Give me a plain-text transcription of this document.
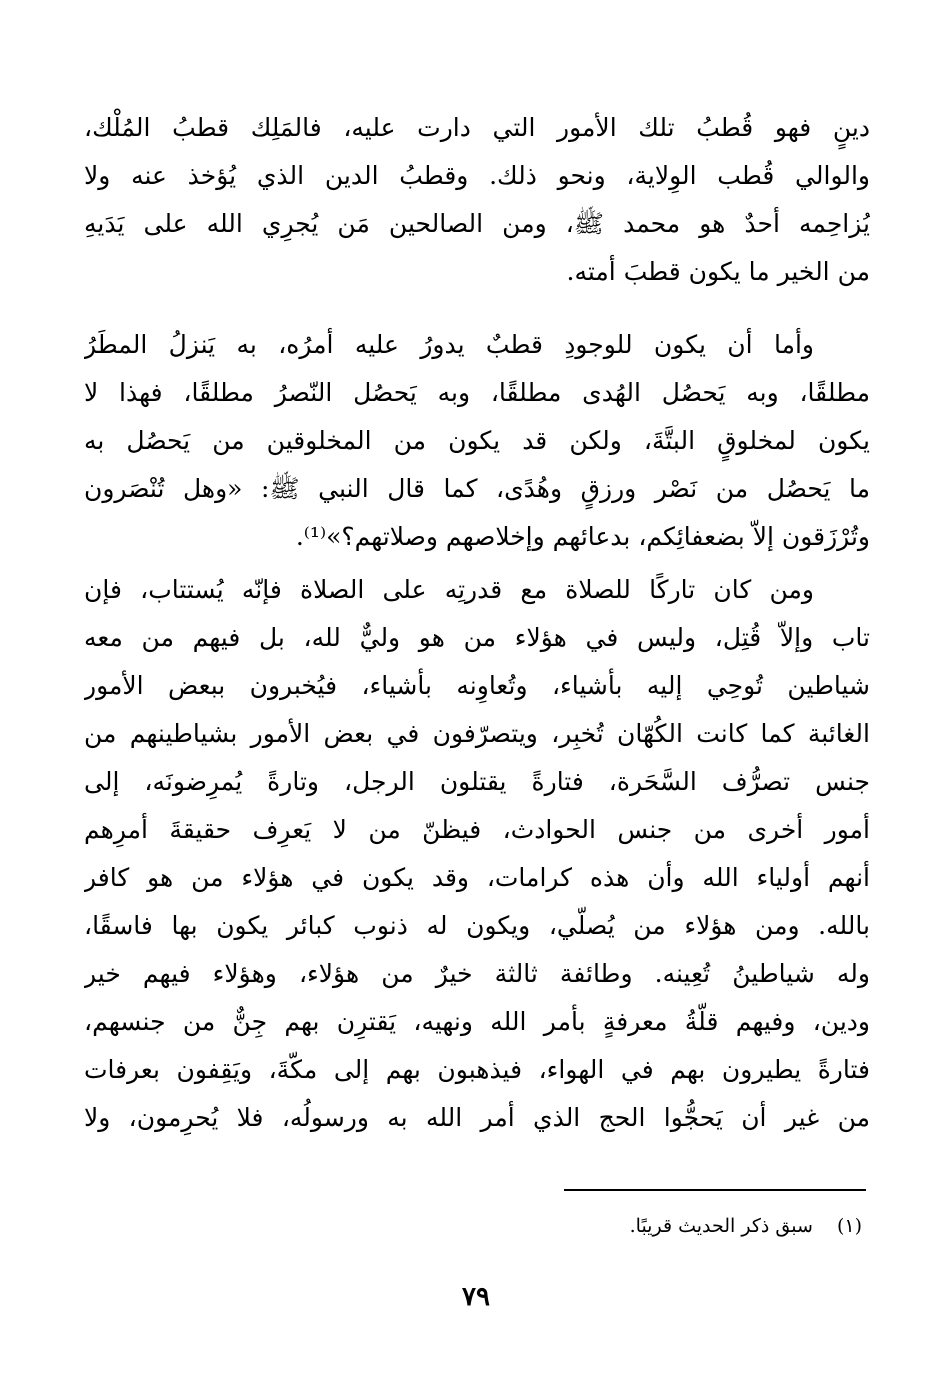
دينٍ فهو قُطبُ تلك الأمور التي دارت عليه، فالمَلِك قطبُ المُلْك،
والوالي قُطب الوِلاية، ونحو ذلك. وقطبُ الدين الذي يُؤخذ عنه ولا
يُزاحِمه أحدٌ هو محمد ﷺ، ومن الصالحين مَن يُجرِي الله على يَدَيهِ
من الخير ما يكون قطبَ أمته.
وأما أن يكون للوجودِ قطبٌ يدورُ عليه أمرُه، به يَنزلُ المطَرُ
مطلقًا، وبه يَحصُل الهُدى مطلقًا، وبه يَحصُل النّصرُ مطلقًا، فهذا لا
يكون لمخلوقٍ البتَّةَ، ولكن قد يكون من المخلوقين من يَحصُل به
ما يَحصُل من نَصْر ورزقٍ وهُدًى، كما قال النبي ﷺ: «وهل تُنْصَرون
وتُرْزَقون إلاّ بضعفائِكم، بدعائهم وإخلاصهم وصلاتهم؟»⁽¹⁾.
ومن كان تاركًا للصلاة مع قدرتِه على الصلاة فإنّه يُستتاب، فإن
تاب وإلاّ قُتِل، وليس في هؤلاء من هو وليٌّ لله، بل فيهم من معه
شياطين تُوحِي إليه بأشياء، وتُعاوِنه بأشياء، فيُخبرون ببعض الأمور
الغائبة كما كانت الكُهّان تُخبِر، ويتصرّفون في بعض الأمور بشياطينهم من
جنس تصرُّف السَّحَرة، فتارةً يقتلون الرجل، وتارةً يُمرِضونَه، إلى
أمور أخرى من جنس الحوادث، فيظنّ من لا يَعرِف حقيقةَ أمرِهم
أنهم أولياء الله وأن هذه كرامات، وقد يكون في هؤلاء من هو كافر
بالله. ومن هؤلاء من يُصلّي، ويكون له ذنوب كبائر يكون بها فاسقًا،
وله شياطينُ تُعِينه. وطائفة ثالثة خيرٌ من هؤلاء، وهؤلاء فيهم خير
ودين، وفيهم قلّةُ معرفةٍ بأمر الله ونهيه، يَقترِن بهم جِنٌّ من جنسهم،
فتارةً يطيرون بهم في الهواء، فيذهبون بهم إلى مكّةَ، ويَقِفون بعرفات
من غير أن يَحجُّوا الحج الذي أمر الله به ورسولُه، فلا يُحرِمون، ولا
(١) سبق ذكر الحديث قريبًا.
٧٩
